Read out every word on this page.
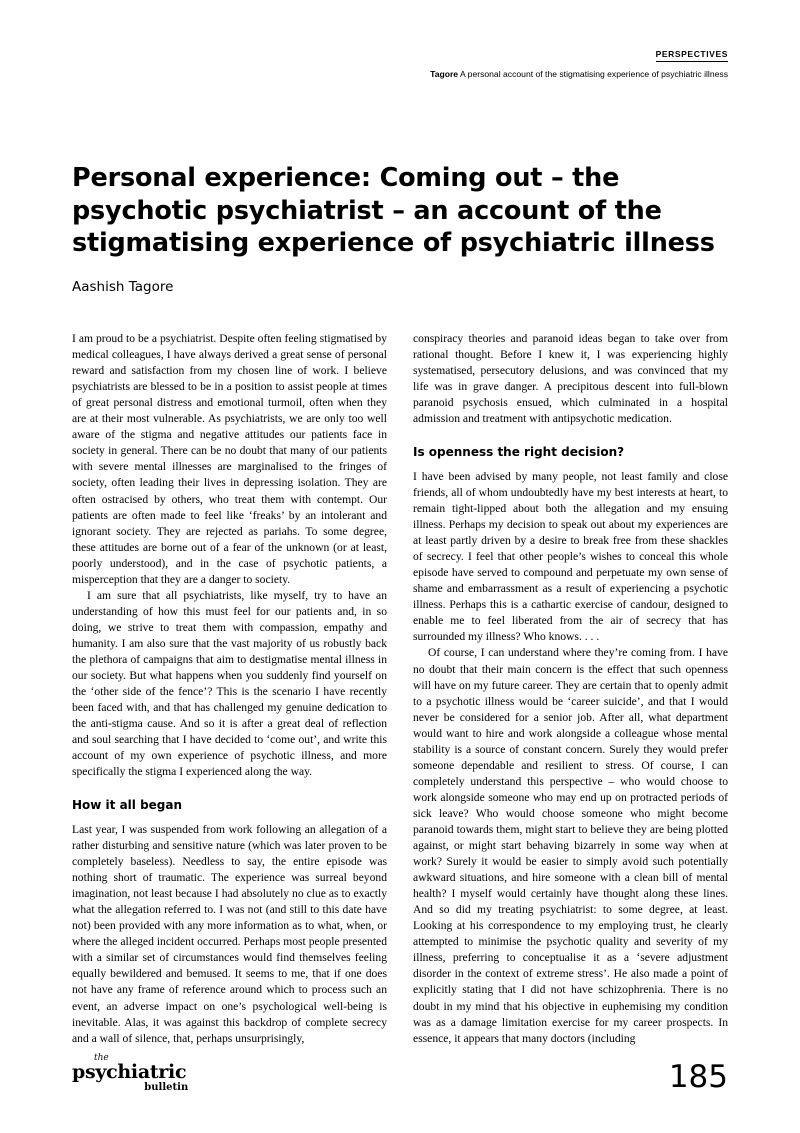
PERSPECTIVES
Tagore A personal account of the stigmatising experience of psychiatric illness
Personal experience: Coming out – the psychotic psychiatrist – an account of the stigmatising experience of psychiatric illness
Aashish Tagore

I am proud to be a psychiatrist. Despite often feeling stigmatised by medical colleagues, I have always derived a great sense of personal reward and satisfaction from my chosen line of work. I believe psychiatrists are blessed to be in a position to assist people at times of great personal distress and emotional turmoil, often when they are at their most vulnerable. As psychiatrists, we are only too well aware of the stigma and negative attitudes our patients face in society in general. There can be no doubt that many of our patients with severe mental illnesses are marginalised to the fringes of society, often leading their lives in depressing isolation. They are often ostracised by others, who treat them with contempt. Our patients are often made to feel like ‘freaks’ by an intolerant and ignorant society. They are rejected as pariahs. To some degree, these attitudes are borne out of a fear of the unknown (or at least, poorly understood), and in the case of psychotic patients, a misperception that they are a danger to society.

I am sure that all psychiatrists, like myself, try to have an understanding of how this must feel for our patients and, in so doing, we strive to treat them with compassion, empathy and humanity. I am also sure that the vast majority of us robustly back the plethora of campaigns that aim to destigmatise mental illness in our society. But what happens when you suddenly find yourself on the ‘other side of the fence’? This is the scenario I have recently been faced with, and that has challenged my genuine dedication to the anti-stigma cause. And so it is after a great deal of reflection and soul searching that I have decided to ‘come out’, and write this account of my own experience of psychotic illness, and more specifically the stigma I experienced along the way.

How it all began

Last year, I was suspended from work following an allegation of a rather disturbing and sensitive nature (which was later proven to be completely baseless). Needless to say, the entire episode was nothing short of traumatic. The experience was surreal beyond imagination, not least because I had absolutely no clue as to exactly what the allegation referred to. I was not (and still to this date have not) been provided with any more information as to what, when, or where the alleged incident occurred. Perhaps most people presented with a similar set of circumstances would find themselves feeling equally bewildered and bemused. It seems to me, that if one does not have any frame of reference around which to process such an event, an adverse impact on one’s psychological well-being is inevitable. Alas, it was against this backdrop of complete secrecy and a wall of silence, that, perhaps unsurprisingly,

conspiracy theories and paranoid ideas began to take over from rational thought. Before I knew it, I was experiencing highly systematised, persecutory delusions, and was convinced that my life was in grave danger. A precipitous descent into full-blown paranoid psychosis ensued, which culminated in a hospital admission and treatment with antipsychotic medication.

Is openness the right decision?

I have been advised by many people, not least family and close friends, all of whom undoubtedly have my best interests at heart, to remain tight-lipped about both the allegation and my ensuing illness. Perhaps my decision to speak out about my experiences are at least partly driven by a desire to break free from these shackles of secrecy. I feel that other people’s wishes to conceal this whole episode have served to compound and perpetuate my own sense of shame and embarrassment as a result of experiencing a psychotic illness. Perhaps this is a cathartic exercise of candour, designed to enable me to feel liberated from the air of secrecy that has surrounded my illness? Who knows. . . .

Of course, I can understand where they’re coming from. I have no doubt that their main concern is the effect that such openness will have on my future career. They are certain that to openly admit to a psychotic illness would be ‘career suicide’, and that I would never be considered for a senior job. After all, what department would want to hire and work alongside a colleague whose mental stability is a source of constant concern. Surely they would prefer someone dependable and resilient to stress. Of course, I can completely understand this perspective – who would choose to work alongside someone who may end up on protracted periods of sick leave? Who would choose someone who might become paranoid towards them, might start to believe they are being plotted against, or might start behaving bizarrely in some way when at work? Surely it would be easier to simply avoid such potentially awkward situations, and hire someone with a clean bill of mental health? I myself would certainly have thought along these lines. And so did my treating psychiatrist: to some degree, at least. Looking at his correspondence to my employing trust, he clearly attempted to minimise the psychotic quality and severity of my illness, preferring to conceptualise it as a ‘severe adjustment disorder in the context of extreme stress’. He also made a point of explicitly stating that I did not have schizophrenia. There is no doubt in my mind that his objective in euphemising my condition was as a damage limitation exercise for my career prospects. In essence, it appears that many doctors (including

the
psychiatric
bulletin	185
